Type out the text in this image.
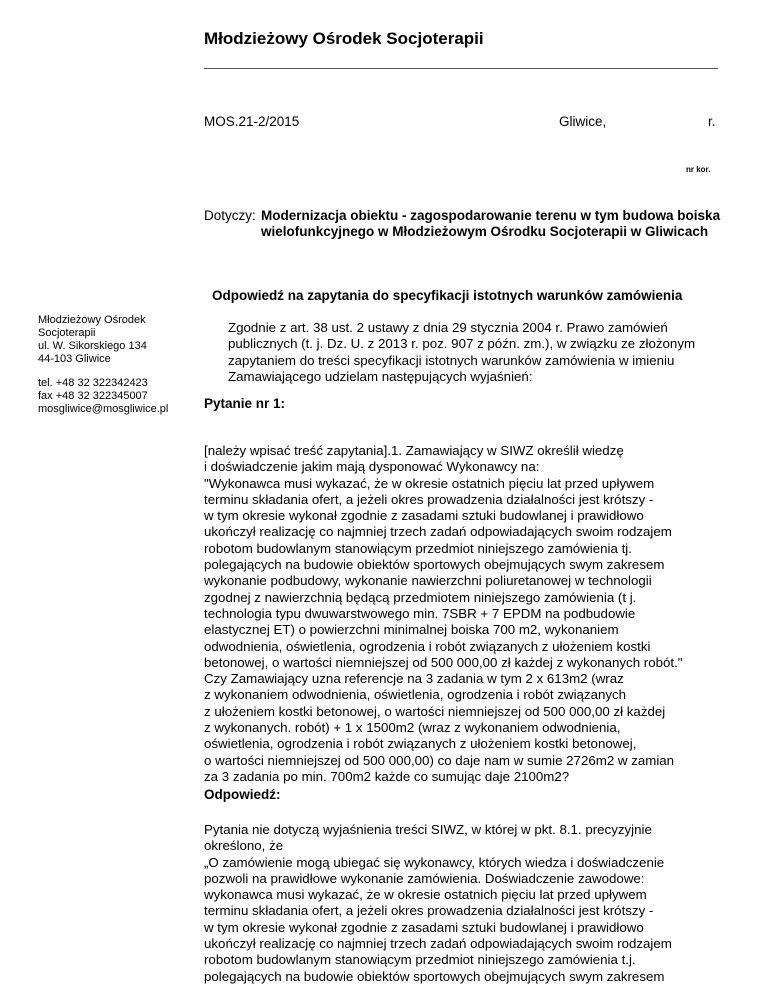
Młodzieżowy Ośrodek Socjoterapii
MOS.21-2/2015	Gliwice,	r.
nr kor.
Dotyczy: Modernizacja obiektu - zagospodarowanie terenu w tym budowa boiska wielofunkcyjnego w Młodzieżowym Ośrodku Socjoterapii w Gliwicach
Odpowiedź na zapytania do specyfikacji istotnych warunków zamówienia
Młodzieżowy Ośrodek
Socjoterapii
ul. W. Sikorskiego 134
44-103 Gliwice
tel. +48 32 322342423
fax +48 32 322345007
mosgliwice@mosgliwice.pl
Zgodnie z art. 38 ust. 2 ustawy z dnia 29 stycznia 2004 r. Prawo zamówień
publicznych (t. j. Dz. U. z 2013 r. poz. 907 z późn. zm.), w związku ze złożonym
zapytaniem do treści specyfikacji istotnych warunków zamówienia w imieniu
Zamawiającego udzielam następujących wyjaśnień:
Pytanie nr 1:
[należy wpisać treść zapytania].1. Zamawiający w SIWZ określił wiedzę
i doświadczenie jakim mają dysponować Wykonawcy na:
"Wykonawca musi wykazać, że w okresie ostatnich pięciu lat przed upływem
terminu składania ofert, a jeżeli okres prowadzenia działalności jest krótszy -
w tym okresie wykonał zgodnie z zasadami sztuki budowlanej i prawidłowo
ukończył realizację co najmniej trzech zadań odpowiadających swoim rodzajem
robotom budowlanym stanowiącym przedmiot niniejszego zamówienia tj.
polegających na budowie obiektów sportowych obejmujących swym zakresem
wykonanie podbudowy, wykonanie nawierzchni poliuretanowej w technologii
zgodnej z nawierzchnią będącą przedmiotem niniejszego zamówienia (t j.
technologia typu dwuwarstwowego min. 7SBR + 7 EPDM na podbudowie
elastycznej ET) o powierzchni minimalnej boiska 700 m2, wykonaniem
odwodnienia, oświetlenia, ogrodzenia i robót związanych z ułożeniem kostki
betonowej, o wartości niemniejszej od 500 000,00 zł każdej z wykonanych robót."
Czy Zamawiający uzna referencje na 3 zadania w tym 2 x 613m2 (wraz
z wykonaniem odwodnienia, oświetlenia, ogrodzenia i robót związanych
z ułożeniem kostki betonowej, o wartości niemniejszej od 500 000,00 zł każdej
z wykonanych. robót) + 1 x 1500m2 (wraz z wykonaniem odwodnienia,
oświetlenia, ogrodzenia i robót związanych z ułożeniem kostki betonowej,
o wartości niemniejszej od 500 000,00) co daje nam w sumie 2726m2 w zamian
za 3 zadania po min. 700m2 każde co sumując daje 2100m2?
Odpowiedź:
Pytania nie dotyczą wyjaśnienia treści SIWZ, w której w pkt. 8.1. precyzyjnie
określono, że
„O zamówienie mogą ubiegać się wykonawcy, których wiedza i doświadczenie
pozwoli na prawidłowe wykonanie zamówienia. Doświadczenie zawodowe:
wykonawca musi wykazać, że w okresie ostatnich pięciu lat przed upływem
terminu składania ofert, a jeżeli okres prowadzenia działalności jest krótszy -
w tym okresie wykonał zgodnie z zasadami sztuki budowlanej i prawidłowo
ukończył realizację co najmniej trzech zadań odpowiadających swoim rodzajem
robotom budowlanym stanowiącym przedmiot niniejszego zamówienia t.j.
polegających na budowie obiektów sportowych obejmujących swym zakresem
